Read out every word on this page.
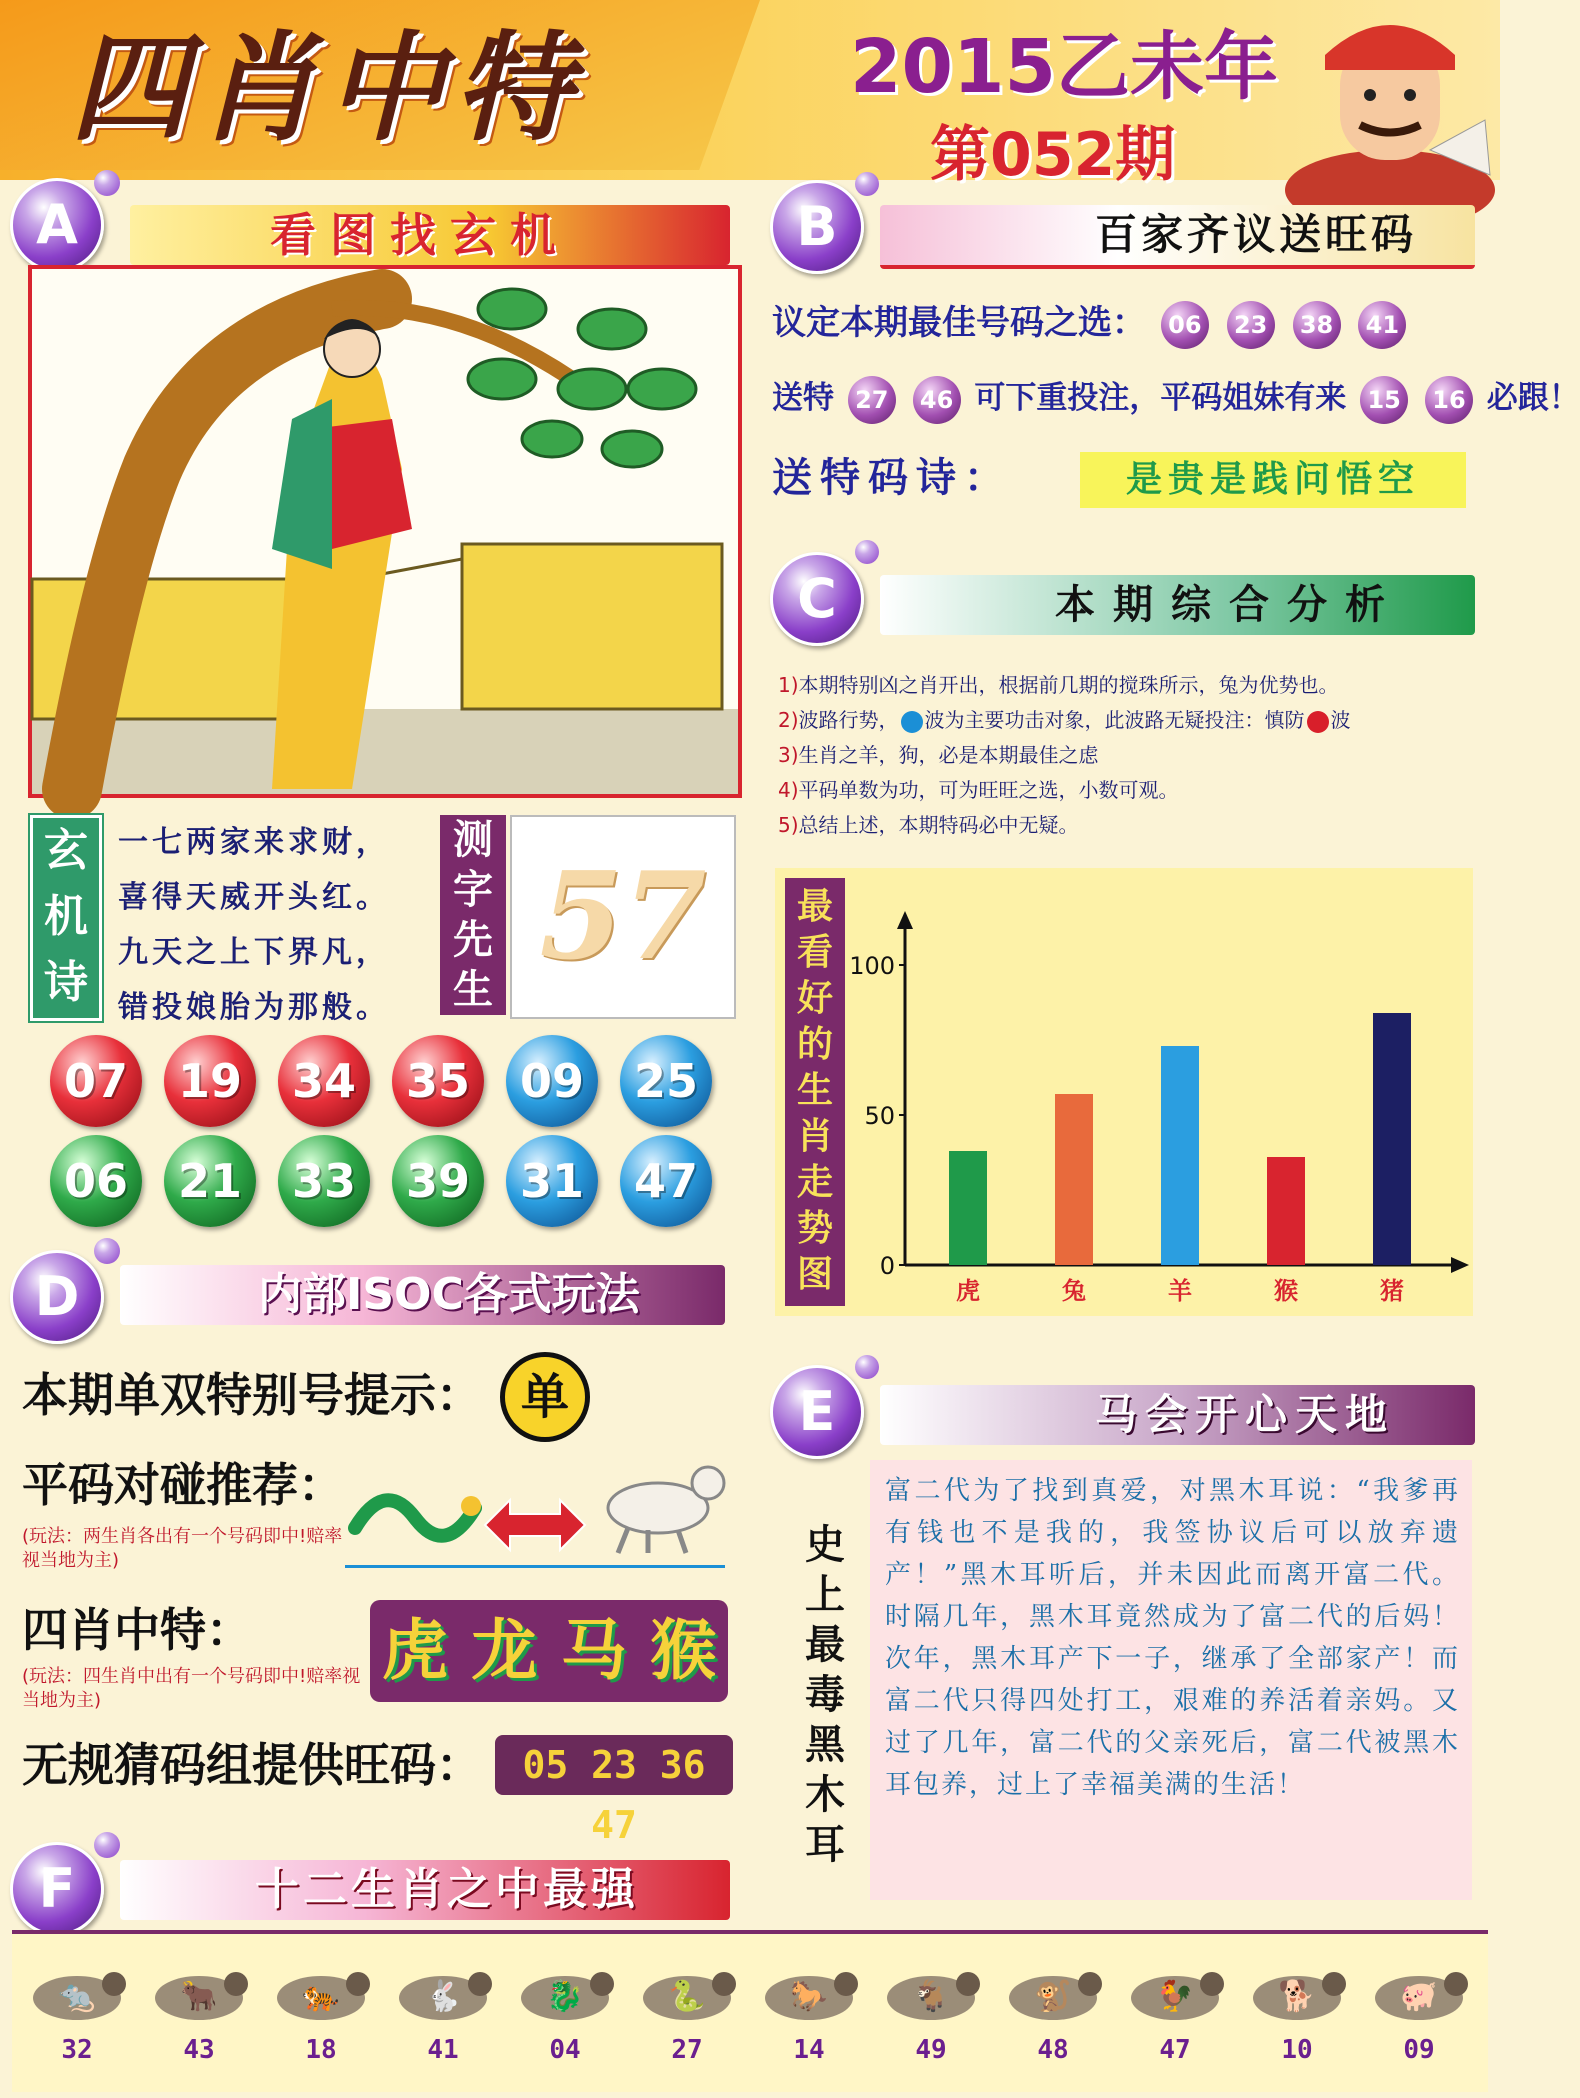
四肖中特	2015乙未年
第052期
A	看图找玄机
玄
机
诗
一七两家来求财，
喜得天威开头红。
九天之上下界凡，
错投娘胎为那般。
测
字
先
生
57
07	19	34	35	09	25
06	21	33	39	31	47
B	百家齐议送旺码
议定本期最佳号码之选： 06 23 38 41
送特 27 46 可下重投注，平码姐妹有来 15 16 必跟！
送特码诗：	是贵是践问悟空
C	本期综合分析
1)本期特别凶之肖开出，根据前几期的搅珠所示，兔为优势也。
2)波路行势， 波为主要功击对象，此波路无疑投注：慎防 波
3)生肖之羊，狗，必是本期最佳之虑
4)平码单数为功，可为旺旺之选，小数可观。
5)总结上述，本期特码必中无疑。
最
看
好
的
生
肖
走
势
图	0
50
100
虎	兔	羊	猴	猪
D	内部ISOC各式玩法
本期单双特别号提示： 单
平码对碰推荐：
(玩法：两生肖各出有一个号码即中!赔率视当地为主)
四肖中特：
(玩法：四生肖中出有一个号码即中!赔率视当地为主)
虎 龙 马 猴
无规猜码组提供旺码：	05 23 36 47
E	马会开心天地
史
上
最
毒
黑
木
耳
富二代为了找到真爱，对黑木耳说：“我爹再有钱也不是我的，我签协议后可以放弃遗产！”黑木耳听后，并未因此而离开富二代。时隔几年，黑木耳竟然成为了富二代的后妈！次年，黑木耳产下一子，继承了全部家产！而富二代只得四处打工，艰难的养活着亲妈。又过了几年，富二代的父亲死后，富二代被黑木耳包养，过上了幸福美满的生活！
F	十二生肖之中最强
🐀
32
🐂
43
🐅
18
🐇
41
🐉
04
🐍
27
🐎
14
🐐
49
🐒
48
🐓
47
🐕
10
🐖
09
